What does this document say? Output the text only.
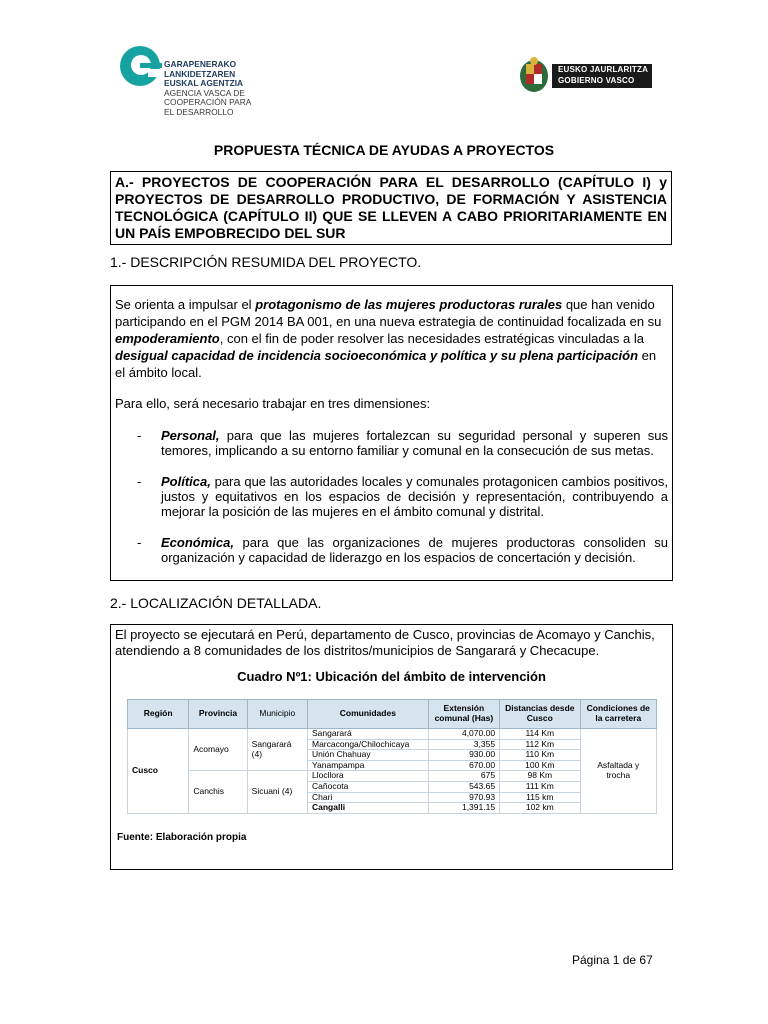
GARAPENERAKO
LANKIDETZAREN
EUSKAL AGENTZIA
AGENCIA VASCA DE
COOPERACIÓN PARA
EL DESARROLLO
EUSKO JAURLARITZA
GOBIERNO VASCO
PROPUESTA TÉCNICA DE AYUDAS A PROYECTOS
A.- PROYECTOS DE COOPERACIÓN PARA EL DESARROLLO (CAPÍTULO I) y PROYECTOS DE DESARROLLO PRODUCTIVO, DE FORMACIÓN Y ASISTENCIA TECNOLÓGICA (CAPÍTULO II) QUE SE LLEVEN A CABO PRIORITARIAMENTE EN UN PAÍS EMPOBRECIDO DEL SUR
1.- DESCRIPCIÓN RESUMIDA DEL PROYECTO.

Se orienta a impulsar el protagonismo de las mujeres productoras rurales que han venido participando en el PGM 2014 BA 001, en una nueva estrategia de continuidad focalizada en su empoderamiento, con el fin de poder resolver las necesidades estratégicas vinculadas a la desigual capacidad de incidencia socioeconómica y política y su plena participación en el ámbito local.

Para ello, será necesario trabajar en tres dimensiones:

- Personal, para que las mujeres fortalezcan su seguridad personal y superen sus temores, implicando a su entorno familiar y comunal en la consecución de sus metas.
- Política, para que las autoridades locales y comunales protagonicen cambios positivos, justos y equitativos en los espacios de decisión y representación, contribuyendo a mejorar la posición de las mujeres en el ámbito comunal y distrital.
- Económica, para que las organizaciones de mujeres productoras consoliden su organización y capacidad de liderazgo en los espacios de concertación y decisión.
2.- LOCALIZACIÓN DETALLADA.
El proyecto se ejecutará en Perú, departamento de Cusco, provincias de Acomayo y Canchis, atendiendo a 8 comunidades de los distritos/municipios de Sangarará y Checacupe.
Cuadro Nº1: Ubicación del ámbito de intervención
Región	Provincia	Municipio	Comunidades	Extensión comunal (Has)	Distancias desde Cusco	Condiciones de la carretera
Cusco	Acomayo	Sangarará (4)	Sangarará	4,070.00	114 Km	Asfaltada y trocha
			Marcaconga/Chilochicaya	3,355	112 Km	
			Unión Chahuay	930.00	110 Km	
			Yanampampa	670.00	100 Km	
	Canchis	Sicuani (4)	Llocllora	675	98 Km	
			Cañocota	543.65	111 Km	
			Chari	970.93	115 km	
			Cangalli	1,391.15	102 km	
Fuente: Elaboración propia
Página 1 de 67
